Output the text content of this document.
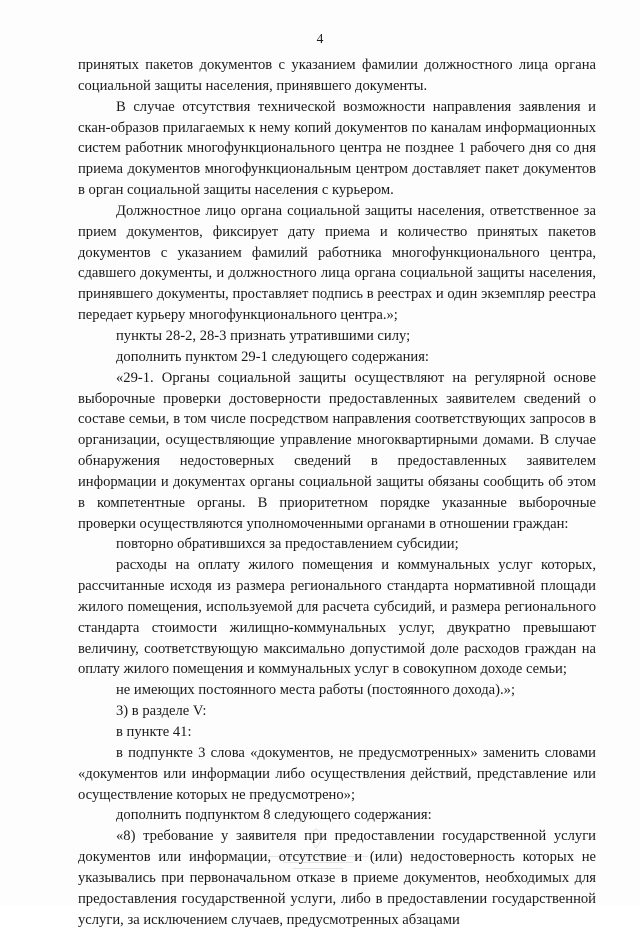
4

принятых пакетов документов с указанием фамилии должностного лица органа социальной защиты населения, принявшего документы.

В случае отсутствия технической возможности направления заявления и скан-образов прилагаемых к нему копий документов по каналам информационных систем работник многофункционального центра не позднее 1 рабочего дня со дня приема документов многофункциональным центром доставляет пакет документов в орган социальной защиты населения с курьером.

Должностное лицо органа социальной защиты населения, ответственное за прием документов, фиксирует дату приема и количество принятых пакетов документов с указанием фамилий работника многофункционального центра, сдавшего документы, и должностного лица органа социальной защиты населения, принявшего документы, проставляет подпись в реестрах и один экземпляр реестра передает курьеру многофункционального центра.»;

пункты 28-2, 28-3 признать утратившими силу;

дополнить пунктом 29-1 следующего содержания:

«29-1. Органы социальной защиты осуществляют на регулярной основе выборочные проверки достоверности предоставленных заявителем сведений о составе семьи, в том числе посредством направления соответствующих запросов в организации, осуществляющие управление многоквартирными домами. В случае обнаружения недостоверных сведений в предоставленных заявителем информации и документах органы социальной защиты обязаны сообщить об этом в компетентные органы. В приоритетном порядке указанные выборочные проверки осуществляются уполномоченными органами в отношении граждан:

повторно обратившихся за предоставлением субсидии;

расходы на оплату жилого помещения и коммунальных услуг которых, рассчитанные исходя из размера регионального стандарта нормативной площади жилого помещения, используемой для расчета субсидий, и размера регионального стандарта стоимости жилищно-коммунальных услуг, двукратно превышают величину, соответствующую максимально допустимой доле расходов граждан на оплату жилого помещения и коммунальных услуг в совокупном доходе семьи;

не имеющих постоянного места работы (постоянного дохода).»;

3) в разделе V:

в пункте 41:

в подпункте 3 слова «документов, не предусмотренных» заменить словами «документов или информации либо осуществления действий, представление или осуществление которых не предусмотрено»;

дополнить подпунктом 8 следующего содержания:

«8) требование у заявителя при предоставлении государственной услуги документов или информации, отсутствие и (или) недостоверность которых не указывались при первоначальном отказе в приеме документов, необходимых для предоставления государственной услуги, либо в предоставлении государственной услуги, за исключением случаев, предусмотренных абзацами
